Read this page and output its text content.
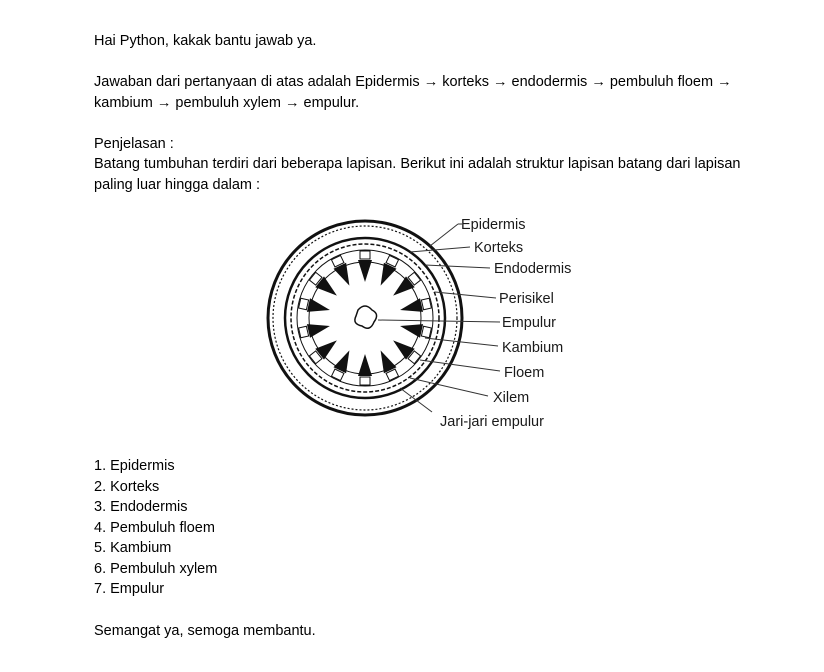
Hai Python, kakak bantu jawab ya.

Jawaban dari pertanyaan di atas adalah Epidermis → korteks → endodermis → pembuluh floem → kambium → pembuluh xylem → empulur.

Penjelasan :

Batang tumbuhan terdiri dari beberapa lapisan. Berikut ini adalah struktur lapisan batang dari lapisan paling luar hingga dalam :

Epidermis
Korteks
Endodermis
Perisikel
Empulur
Kambium
Floem
Xilem
Jari-jari empulur
1. Epidermis
2. Korteks
3. Endodermis
4. Pembuluh floem
5. Kambium
6. Pembuluh xylem
7. Empulur

Semangat ya, semoga membantu.
